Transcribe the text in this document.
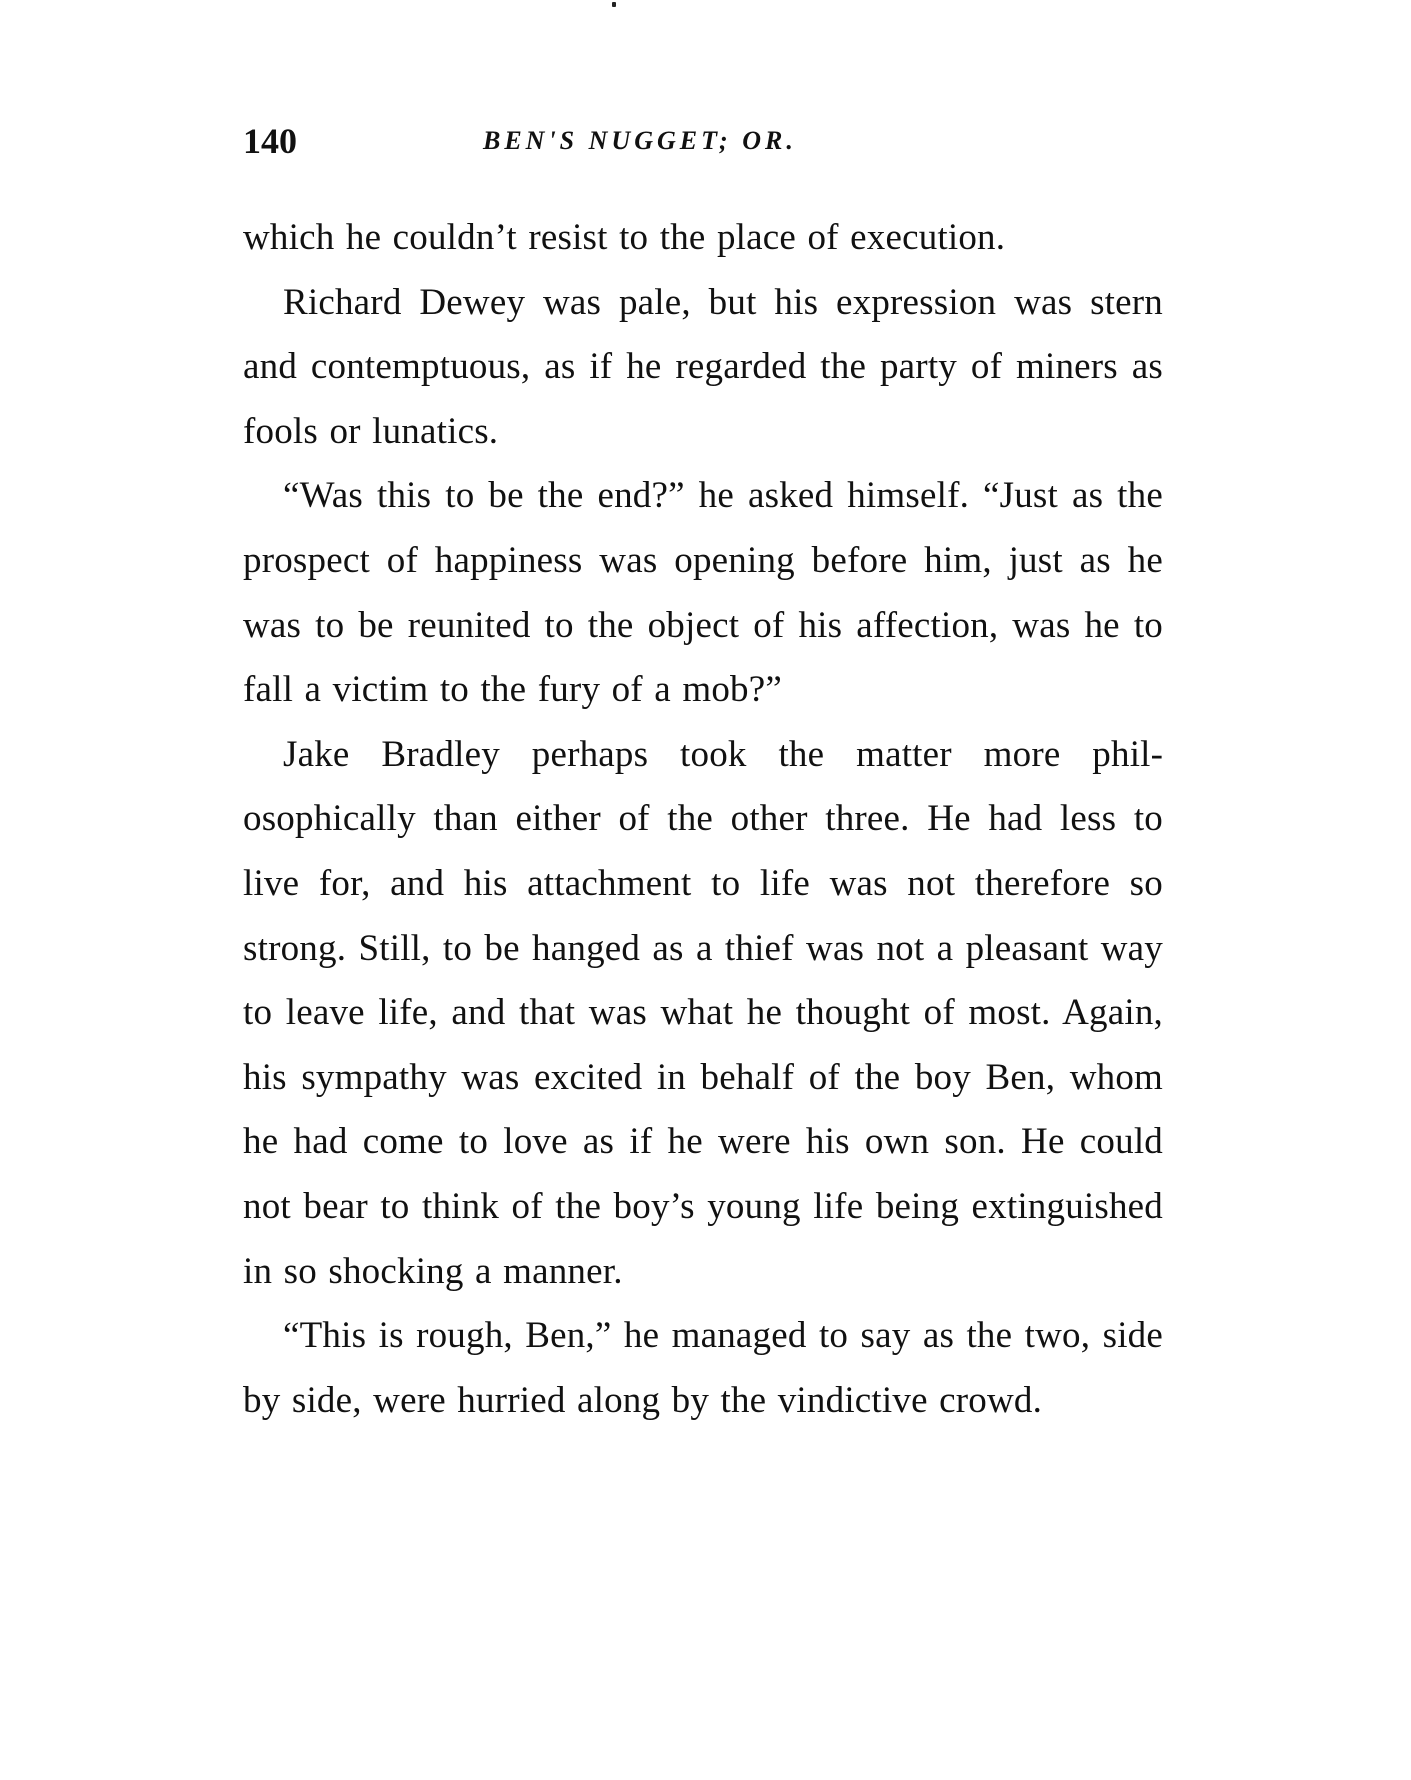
140	BEN'S NUGGET; OR.

which he couldn’t resist to the place of execution.

Richard Dewey was pale, but his expression was stern and contemptuous, as if he regarded the party of miners as fools or lunatics.

“Was this to be the end?” he asked himself. “Just as the prospect of happiness was opening before him, just as he was to be reunited to the object of his affection, was he to fall a victim to the fury of a mob?”

Jake Bradley perhaps took the matter more philosophically than either of the other three. He had less to live for, and his attachment to life was not therefore so strong. Still, to be hanged as a thief was not a pleasant way to leave life, and that was what he thought of most. Again, his sympathy was excited in behalf of the boy Ben, whom he had come to love as if he were his own son. He could not bear to think of the boy’s young life being extinguished in so shocking a manner.

“This is rough, Ben,” he managed to say as the two, side by side, were hurried along by the vindictive crowd.
